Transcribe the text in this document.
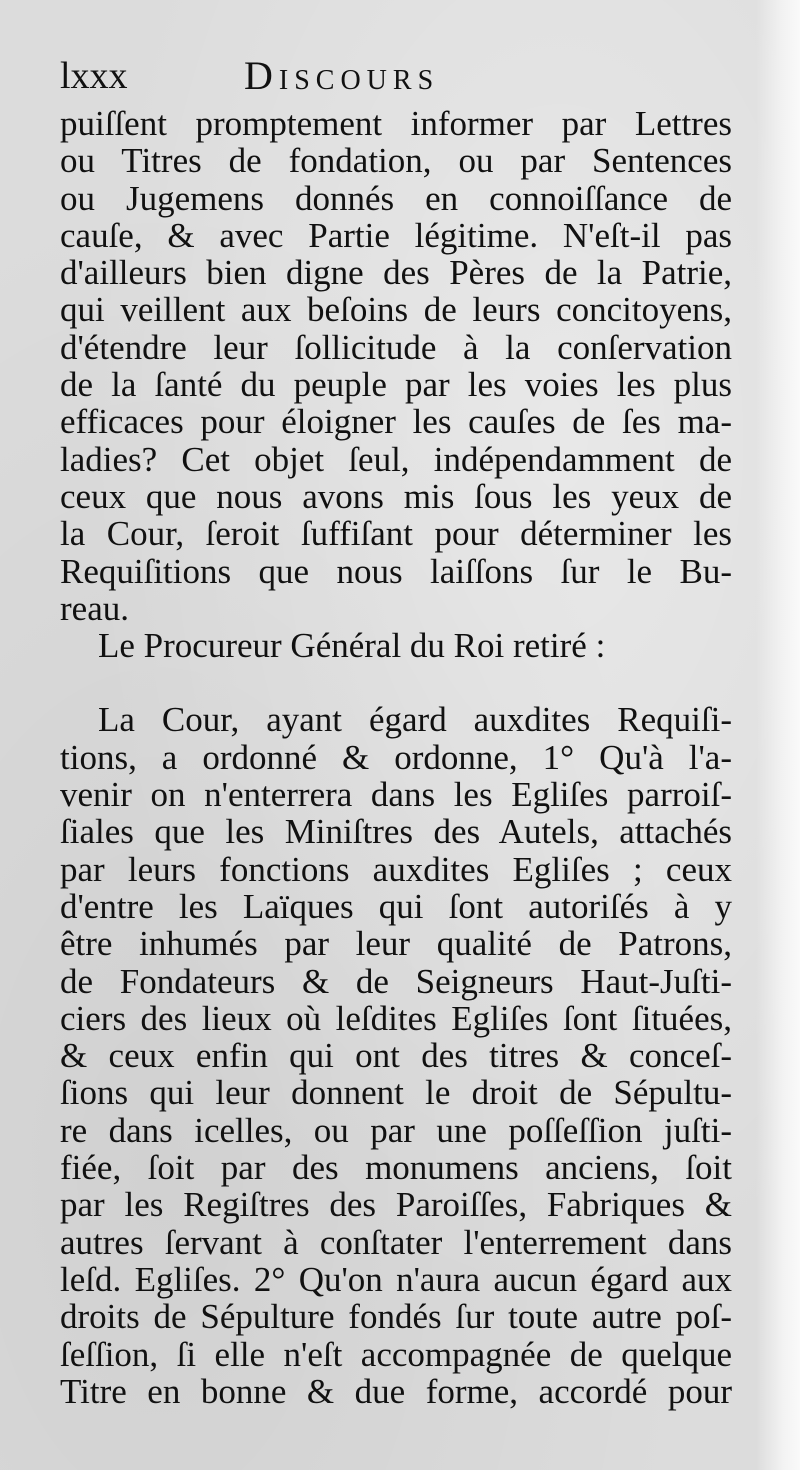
lxxx	Discours
puiſſent promptement informer par Lettres
ou Titres de fondation, ou par Sentences
ou Jugemens donnés en connoiſſance de
cauſe, & avec Partie légitime. N'eſt-il pas
d'ailleurs bien digne des Pères de la Patrie,
qui veillent aux beſoins de leurs concitoyens,
d'étendre leur ſollicitude à la conſervation
de la ſanté du peuple par les voies les plus
efficaces pour éloigner les cauſes de ſes ma-
ladies? Cet objet ſeul, indépendamment de
ceux que nous avons mis ſous les yeux de
la Cour, ſeroit ſuffiſant pour déterminer les
Requiſitions que nous laiſſons ſur le Bu-
reau.
Le Procureur Général du Roi retiré :
La Cour, ayant égard auxdites Requiſi-
tions, a ordonné & ordonne, 1° Qu'à l'a-
venir on n'enterrera dans les Egliſes parroiſ-
ſiales que les Miniſtres des Autels, attachés
par leurs fonctions auxdites Egliſes ; ceux
d'entre les Laïques qui ſont autoriſés à y
être inhumés par leur qualité de Patrons,
de Fondateurs & de Seigneurs Haut-Juſti-
ciers des lieux où leſdites Egliſes ſont ſituées,
& ceux enfin qui ont des titres & conceſ-
ſions qui leur donnent le droit de Sépultu-
re dans icelles, ou par une poſſeſſion juſti-
fiée, ſoit par des monumens anciens, ſoit
par les Regiſtres des Paroiſſes, Fabriques &
autres ſervant à conſtater l'enterrement dans
leſd. Egliſes. 2° Qu'on n'aura aucun égard aux
droits de Sépulture fondés ſur toute autre poſ-
ſeſſion, ſi elle n'eſt accompagnée de quelque
Titre en bonne & due forme, accordé pour
